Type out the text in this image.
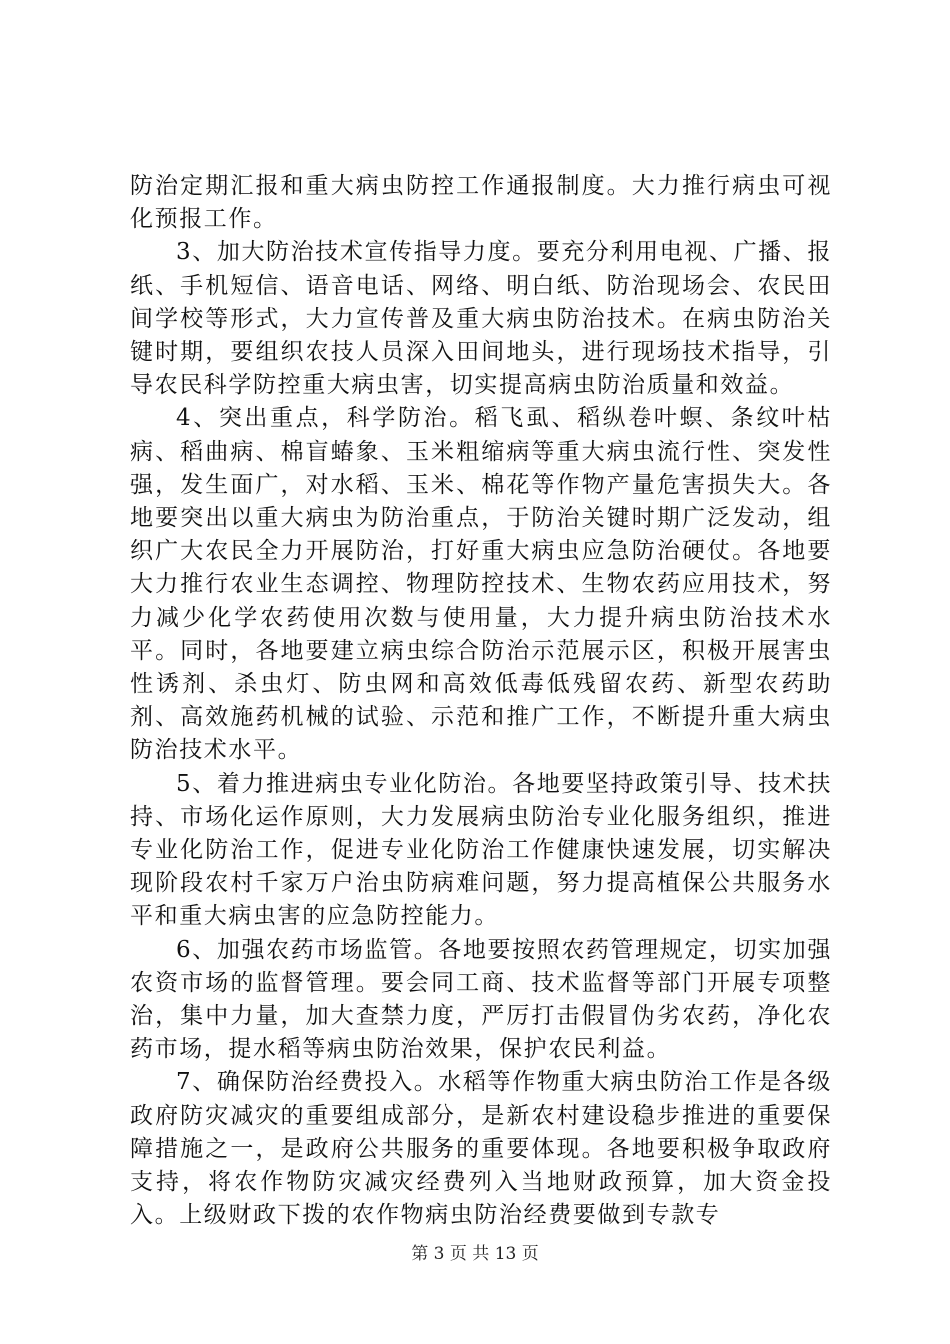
防治定期汇报和重大病虫防控工作通报制度。大力推行病虫可视化预报工作。

3、加大防治技术宣传指导力度。要充分利用电视、广播、报纸、手机短信、语音电话、网络、明白纸、防治现场会、农民田间学校等形式，大力宣传普及重大病虫防治技术。在病虫防治关键时期，要组织农技人员深入田间地头，进行现场技术指导，引导农民科学防控重大病虫害，切实提高病虫防治质量和效益。

4、突出重点，科学防治。稻飞虱、稻纵卷叶螟、条纹叶枯病、稻曲病、棉盲蝽象、玉米粗缩病等重大病虫流行性、突发性强，发生面广，对水稻、玉米、棉花等作物产量危害损失大。各地要突出以重大病虫为防治重点，于防治关键时期广泛发动，组织广大农民全力开展防治，打好重大病虫应急防治硬仗。各地要大力推行农业生态调控、物理防控技术、生物农药应用技术，努力减少化学农药使用次数与使用量，大力提升病虫防治技术水平。同时，各地要建立病虫综合防治示范展示区，积极开展害虫性诱剂、杀虫灯、防虫网和高效低毒低残留农药、新型农药助剂、高效施药机械的试验、示范和推广工作，不断提升重大病虫防治技术水平。

5、着力推进病虫专业化防治。各地要坚持政策引导、技术扶持、市场化运作原则，大力发展病虫防治专业化服务组织，推进专业化防治工作，促进专业化防治工作健康快速发展，切实解决现阶段农村千家万户治虫防病难问题，努力提高植保公共服务水平和重大病虫害的应急防控能力。

6、加强农药市场监管。各地要按照农药管理规定，切实加强农资市场的监督管理。要会同工商、技术监督等部门开展专项整治，集中力量，加大查禁力度，严厉打击假冒伪劣农药，净化农药市场，提水稻等病虫防治效果，保护农民利益。

7、确保防治经费投入。水稻等作物重大病虫防治工作是各级政府防灾减灾的重要组成部分，是新农村建设稳步推进的重要保障措施之一，是政府公共服务的重要体现。各地要积极争取政府支持，将农作物防灾减灾经费列入当地财政预算，加大资金投入。上级财政下拨的农作物病虫防治经费要做到专款专

第 3 页 共 13 页
